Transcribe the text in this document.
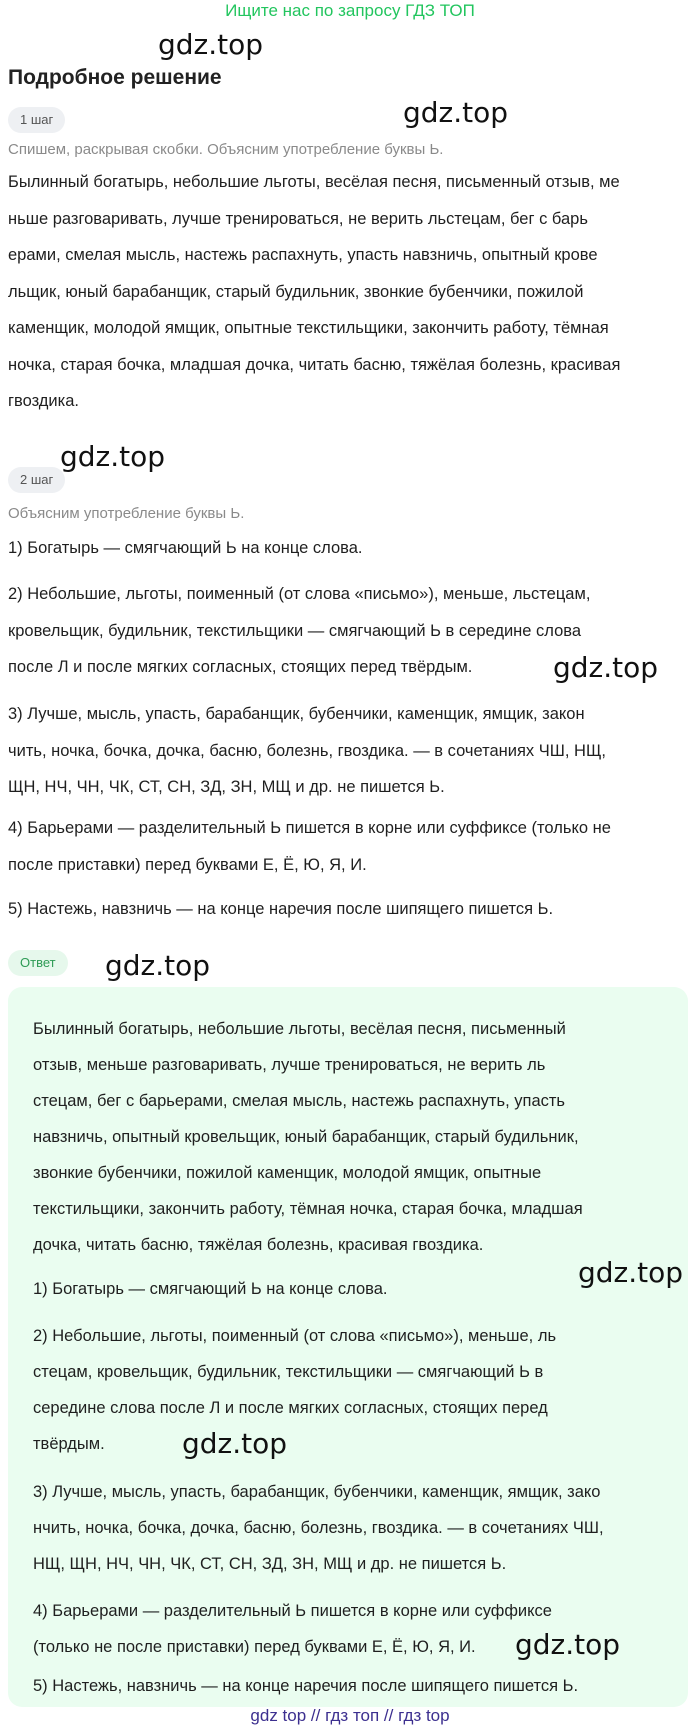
Ищите нас по запросу ГДЗ ТОП
gdz.top
Подробное решение
gdz.top
1 шаг
Спишем, раскрывая скобки. Объясним употребление буквы Ь.
Былинный богатырь, небольшие льготы, весёлая песня, письменный отзыв, ме
ньше разговаривать, лучше тренироваться, не верить льстецам, бег с барь
ерами, смелая мысль, настежь распахнуть, упасть навзничь, опытный крове
льщик, юный барабанщик, старый будильник, звонкие бубенчики, пожилой
каменщик, молодой ямщик, опытные текстильщики, закончить работу, тёмная
ночка, старая бочка, младшая дочка, читать басню, тяжёлая болезнь, красивая
гвоздика.
gdz.top
2 шаг
Объясним употребление буквы Ь.
1) Богатырь — смягчающий Ь на конце слова.
2) Небольшие, льготы, поименный (от слова «письмо»), меньше, льстецам,
кровельщик, будильник, текстильщики — смягчающий Ь в середине слова
после Л и после мягких согласных, стоящих перед твёрдым.	gdz.top
3) Лучше, мысль, упасть, барабанщик, бубенчики, каменщик, ямщик, закон
чить, ночка, бочка, дочка, басню, болезнь, гвоздика. — в сочетаниях ЧШ, НЩ,
ЩН, НЧ, ЧН, ЧК, СТ, СН, ЗД, ЗН, МЩ и др. не пишется Ь.
4) Барьерами — разделительный Ь пишется в корне или суффиксе (только не
после приставки) перед буквами Е, Ё, Ю, Я, И.
5) Настежь, навзничь — на конце наречия после шипящего пишется Ь.
Ответ	gdz.top
Былинный богатырь, небольшие льготы, весёлая песня, письменный
отзыв, меньше разговаривать, лучше тренироваться, не верить ль
стецам, бег с барьерами, смелая мысль, настежь распахнуть, упасть
навзничь, опытный кровельщик, юный барабанщик, старый будильник,
звонкие бубенчики, пожилой каменщик, молодой ямщик, опытные
текстильщики, закончить работу, тёмная ночка, старая бочка, младшая
дочка, читать басню, тяжёлая болезнь, красивая гвоздика.
gdz.top
1) Богатырь — смягчающий Ь на конце слова.
2) Небольшие, льготы, поименный (от слова «письмо»), меньше, ль
стецам, кровельщик, будильник, текстильщики — смягчающий Ь в
середине слова после Л и после мягких согласных, стоящих перед
твёрдым.	gdz.top
3) Лучше, мысль, упасть, барабанщик, бубенчики, каменщик, ямщик, зако
нчить, ночка, бочка, дочка, басню, болезнь, гвоздика. — в сочетаниях ЧШ,
НЩ, ЩН, НЧ, ЧН, ЧК, СТ, СН, ЗД, ЗН, МЩ и др. не пишется Ь.
4) Барьерами — разделительный Ь пишется в корне или суффиксе
(только не после приставки) перед буквами Е, Ё, Ю, Я, И.	gdz.top
5) Настежь, навзничь — на конце наречия после шипящего пишется Ь.
gdz top // гдз топ // гдз top
